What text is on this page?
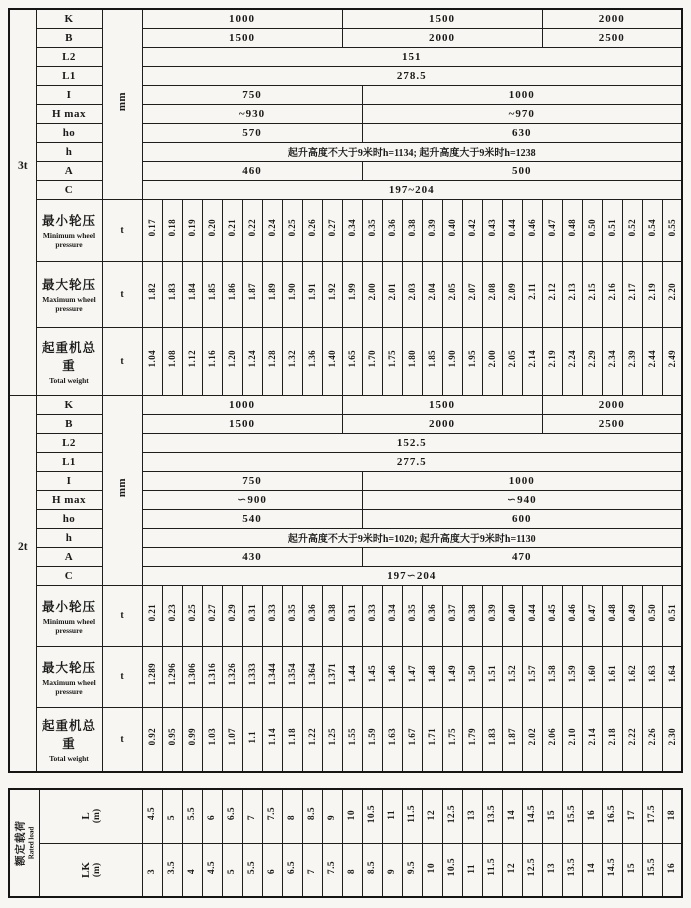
3t	K	mm	1000										1500										2000						
	B		1500										2000										2500						
	L2		151																										
	L1		278.5																										
	I		750											1000															
	H max		~930											~970															
	ho		570											630															
	h		起升高度不大于9米时h=1134; 起升高度大于9米时h=1238																										
	A		460											500															
	C		197~204																										

	最小轮压
Minimum wheel pressure	t	0.17	0.18	0.19	0.20	0.21	0.22	0.24	0.25	0.26	0.27	0.34	0.35	0.36	0.38	0.39	0.40	0.42	0.43	0.44	0.46	0.47	0.48	0.50	0.51	0.52	0.54	0.55

	最大轮压
Maximum wheel pressure	t	1.82	1.83	1.84	1.85	1.86	1.87	1.89	1.90	1.91	1.92	1.99	2.00	2.01	2.03	2.04	2.05	2.07	2.08	2.09	2.11	2.12	2.13	2.15	2.16	2.17	2.19	2.20

	起重机总重
Total weight	t	1.04	1.08	1.12	1.16	1.20	1.24	1.28	1.32	1.36	1.40	1.65	1.70	1.75	1.80	1.85	1.90	1.95	2.00	2.05	2.14	2.19	2.24	2.29	2.34	2.39	2.44	2.49
2t	K	mm	1000										1500										2000						
	B		1500										2000										2500						
	L2		152.5																										
	L1		277.5																										
	I		750											1000															
	H max		∽900											∽940															
	ho		540											600															
	h		起升高度不大于9米时h=1020; 起升高度大于9米时h=1130																										
	A		430											470															
	C		197∽204																										

	最小轮压
Minimum wheel pressure	t	0.21	0.23	0.25	0.27	0.29	0.31	0.33	0.35	0.36	0.38	0.31	0.33	0.34	0.35	0.36	0.37	0.38	0.39	0.40	0.44	0.45	0.46	0.47	0.48	0.49	0.50	0.51

	最大轮压
Maximum wheel pressure	t	1.289	1.296	1.306	1.316	1.326	1.333	1.344	1.354	1.364	1.371	1.44	1.45	1.46	1.47	1.48	1.49	1.50	1.51	1.52	1.57	1.58	1.59	1.60	1.61	1.62	1.63	1.64

	起重机总重
Total weight	t	0.92	0.95	0.99	1.03	1.07	1.1	1.14	1.18	1.22	1.25	1.55	1.59	1.63	1.67	1.71	1.75	1.79	1.83	1.87	2.02	2.06	2.10	2.14	2.18	2.22	2.26	2.30
额定载荷 Rated load

L (m)	4.5	5	5.5	6	6.5	7	7.5	8	8.5	9	10	10.5	11	11.5	12	12.5	13	13.5	14	14.5	15	15.5	16	16.5	17	17.5	18

	LK (m)	3	3.5	4	4.5	5	5.5	6	6.5	7	7.5	8	8.5	9	9.5	10	10.5	11	11.5	12	12.5	13	13.5	14	14.5	15	15.5	16
